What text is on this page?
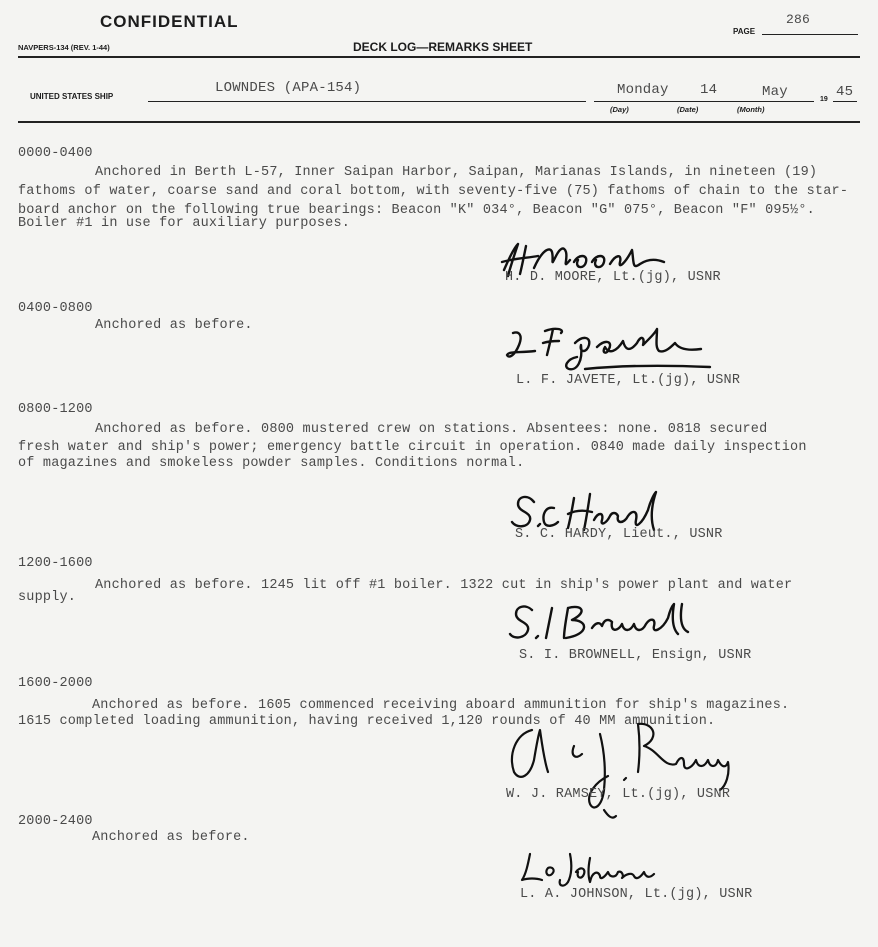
CONFIDENTIAL
NAVPERS-134 (REV. 1-44)	DECK LOG—REMARKS SHEET
PAGE
286
UNITED STATES SHIP
LOWNDES (APA-154)	Monday 14	May	19 45
(Day)	(Date)	(Month)
0000-0400
Anchored in Berth L-57, Inner Saipan Harbor, Saipan, Marianas Islands, in nineteen (19)
fathoms of water, coarse sand and coral bottom, with seventy-five (75) fathoms of chain to the star-
board anchor on the following true bearings: Beacon "K" 034°, Beacon "G" 075°, Beacon "F" 095½°.
Boiler #1 in use for auxiliary purposes.
H. D. MOORE, Lt.(jg), USNR
0400-0800
Anchored as before.
L. F. JAVETE, Lt.(jg), USNR
0800-1200
Anchored as before. 0800 mustered crew on stations. Absentees: none. 0818 secured
fresh water and ship's power; emergency battle circuit in operation. 0840 made daily inspection
of magazines and smokeless powder samples. Conditions normal.
S. C. HARDY, Lieut., USNR
1200-1600
Anchored as before. 1245 lit off #1 boiler. 1322 cut in ship's power plant and water
supply.
S. I. BROWNELL, Ensign, USNR
1600-2000
Anchored as before. 1605 commenced receiving aboard ammunition for ship's magazines.
1615 completed loading ammunition, having received 1,120 rounds of 40 MM ammunition.
W. J. RAMSEY, Lt.(jg), USNR
2000-2400
Anchored as before.
L. A. JOHNSON, Lt.(jg), USNR
